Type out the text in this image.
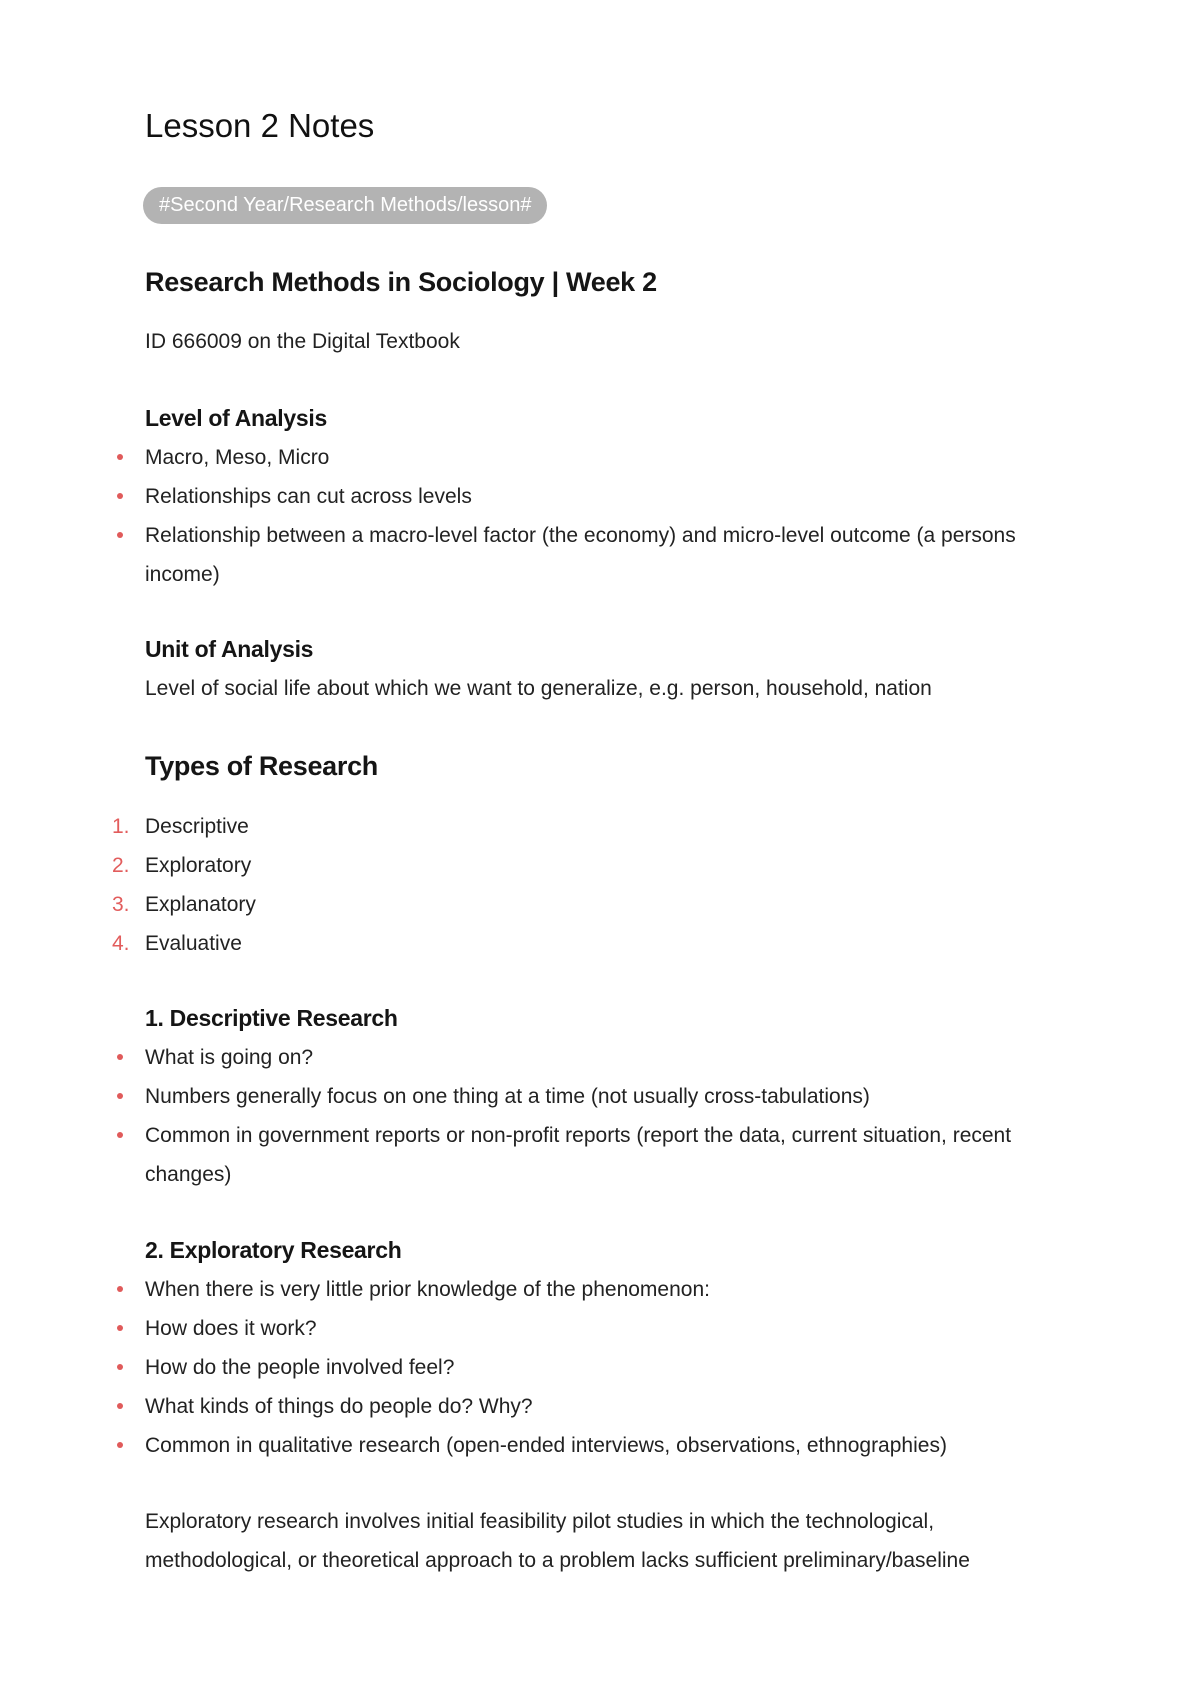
Lesson 2 Notes
#Second Year/Research Methods/lesson#
Research Methods in Sociology | Week 2

ID 666009 on the Digital Textbook

Level of Analysis
Macro, Meso, Micro
Relationships can cut across levels
Relationship between a macro-level factor (the economy) and micro-level outcome (a persons income)
Unit of Analysis

Level of social life about which we want to generalize, e.g. person, household, nation

Types of Research
1. Descriptive
2. Exploratory
3. Explanatory
4. Evaluative
1. Descriptive Research
What is going on?
Numbers generally focus on one thing at a time (not usually cross-tabulations)
Common in government reports or non-profit reports (report the data, current situation, recent changes)
2. Exploratory Research
When there is very little prior knowledge of the phenomenon:
How does it work?
How do the people involved feel?
What kinds of things do people do? Why?
Common in qualitative research (open-ended interviews, observations, ethnographies)

Exploratory research involves initial feasibility pilot studies in which the technological, methodological, or theoretical approach to a problem lacks sufficient preliminary/baseline
